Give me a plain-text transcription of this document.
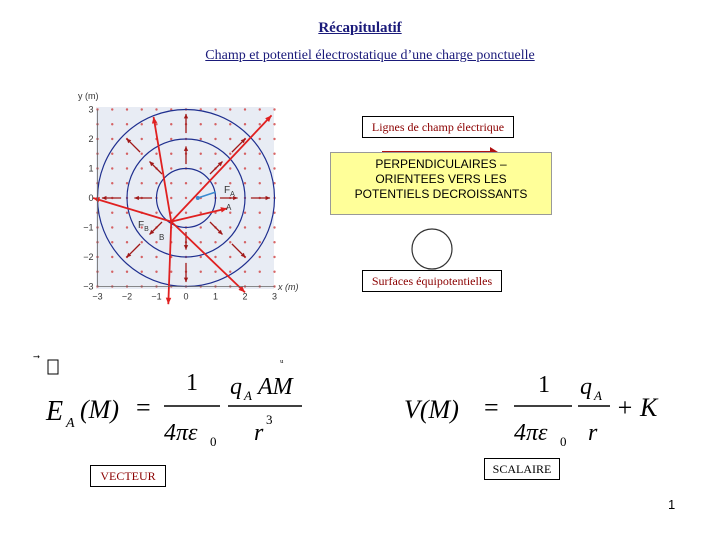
Récapitulatif
Champ et potentiel électrostatique d’une charge ponctuelle
−3 −2 −1 0	1	2	3
3
2
1
0
−1
−2
−3
y (m)
x (m)
$F_A$
$F_B$
A
B
Lignes de champ électrique
PERPENDICULAIRES –
ORIENTEES VERS LES
POTENTIELS DECROISSANTS
Surfaces équipotentielles
E A (M) =
1
4πε 0
q A AM
ᵘ
r
3
VECTEUR
V(M) =
1
4πε 0
q A
r
+ K
SCALAIRE
1
